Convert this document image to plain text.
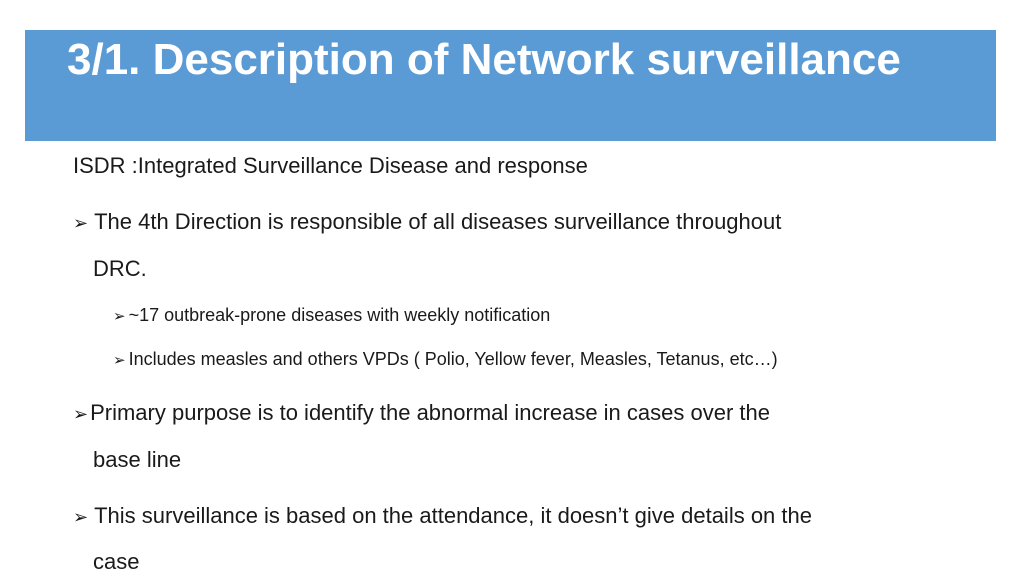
3/1. Description of Network surveillance
ISDR :Integrated Surveillance Disease and response
➢ The 4th Direction is responsible of all diseases surveillance throughout
DRC.
➢ ~17 outbreak-prone diseases with weekly notification
➢ Includes measles and others VPDs ( Polio, Yellow fever, Measles, Tetanus, etc…)
➢Primary purpose is to identify the abnormal increase in cases over the
base line
➢ This surveillance is based on the attendance, it doesn’t give details on the
case
